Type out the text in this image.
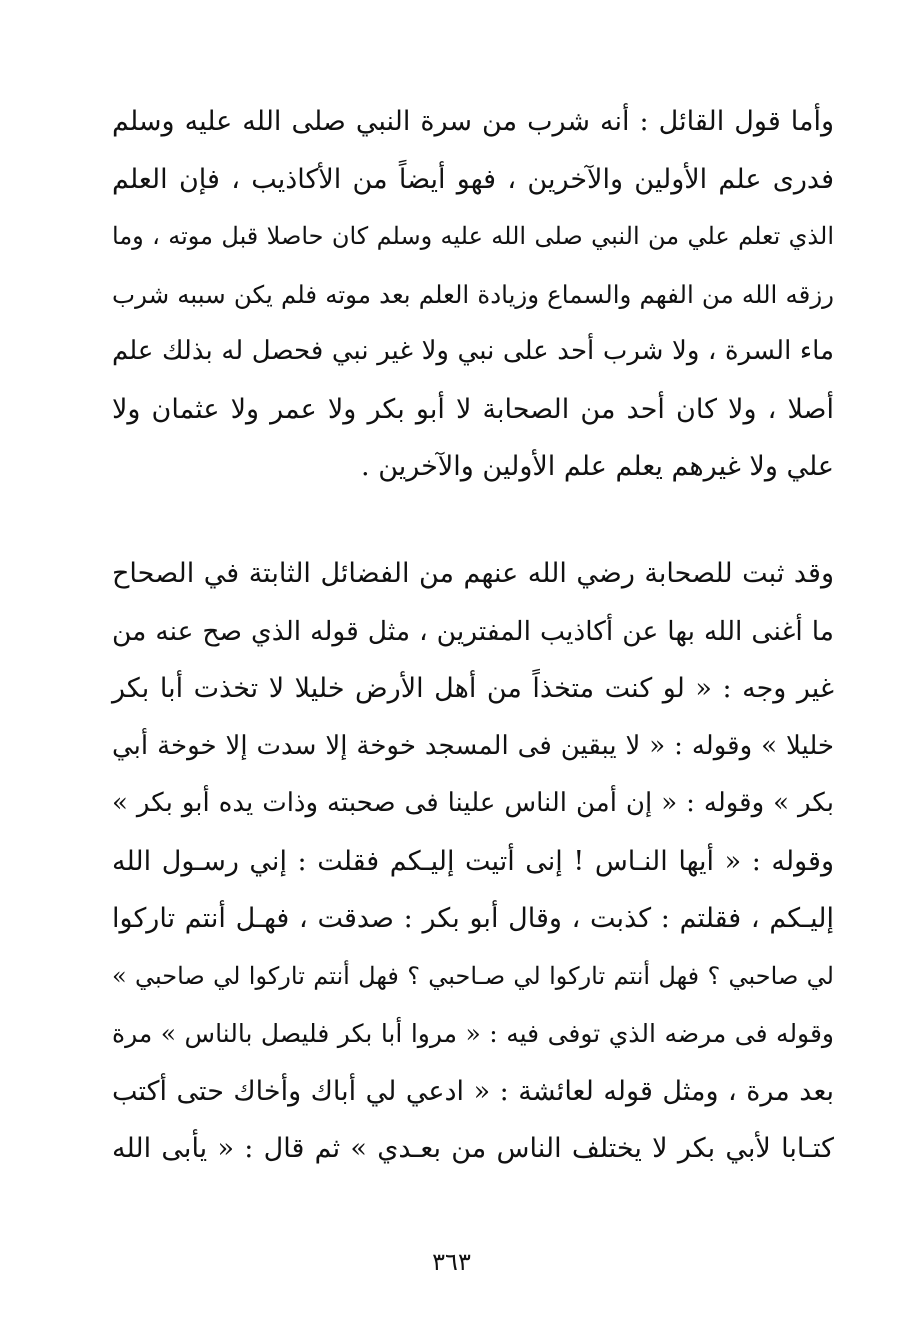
وأما قول القائل : أنه شرب من سرة النبي صلى الله عليه وسلم
فدرى علم الأولين والآخرين ، فهو أيضاً من الأكاذيب ، فإن العلم
الذي تعلم علي من النبي صلى الله عليه وسلم كان حاصلا قبل موته ، وما
رزقه الله من الفهم والسماع وزيادة العلم بعد موته فلم يكن سببه شرب
ماء السرة ، ولا شرب أحد على نبي ولا غير نبي فحصل له بذلك علم
أصلا ، ولا كان أحد من الصحابة لا أبو بكر ولا عمر ولا عثمان ولا
علي ولا غيرهم يعلم علم الأولين والآخرين .
وقد ثبت للصحابة رضي الله عنهم من الفضائل الثابتة في الصحاح
ما أغنى الله بها عن أكاذيب المفترين ، مثل قوله الذي صح عنه من
غير وجه : « لو كنت متخذاً من أهل الأرض خليلا لا تخذت أبا بكر
خليلا » وقوله : « لا يبقين فى المسجد خوخة إلا سدت إلا خوخة أبي
بكر » وقوله : « إن أمن الناس علينا فى صحبته وذات يده أبو بكر »
وقوله : « أيها النـاس ! إنى أتيت إليـكم فقلت : إني رسـول الله
إليـكم ، فقلتم : كذبت ، وقال أبو بكر : صدقت ، فهـل أنتم تاركوا
لي صاحبي ؟ فهل أنتم تاركوا لي صـاحبي ؟ فهل أنتم تاركوا لي صاحبي »
وقوله فى مرضه الذي توفى فيه : « مروا أبا بكر فليصل بالناس » مرة
بعد مرة ، ومثل قوله لعائشة : « ادعي لي أباك وأخاك حتى أكتب
كتـابا لأبي بكر لا يختلف الناس من بعـدي » ثم قال : « يأبى الله
٣٦٣
